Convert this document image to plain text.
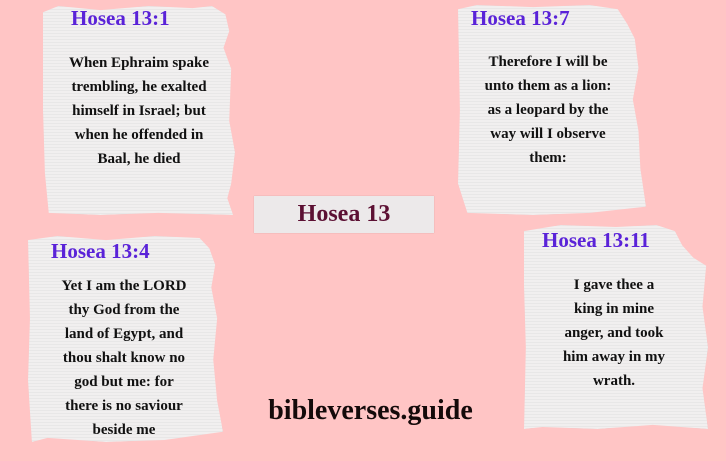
Hosea 13:1
When Ephraim spake
trembling, he exalted
himself in Israel; but
when he offended in
Baal, he died
Hosea 13:7
Therefore I will be
unto them as a lion:
as a leopard by the
way will I observe
them:
Hosea 13
Hosea 13:4
Yet I am the LORD
thy God from the
land of Egypt, and
thou shalt know no
god but me: for
there is no saviour
beside me
Hosea 13:11
I gave thee a
king in mine
anger, and took
him away in my
wrath.
bibleverses.guide
